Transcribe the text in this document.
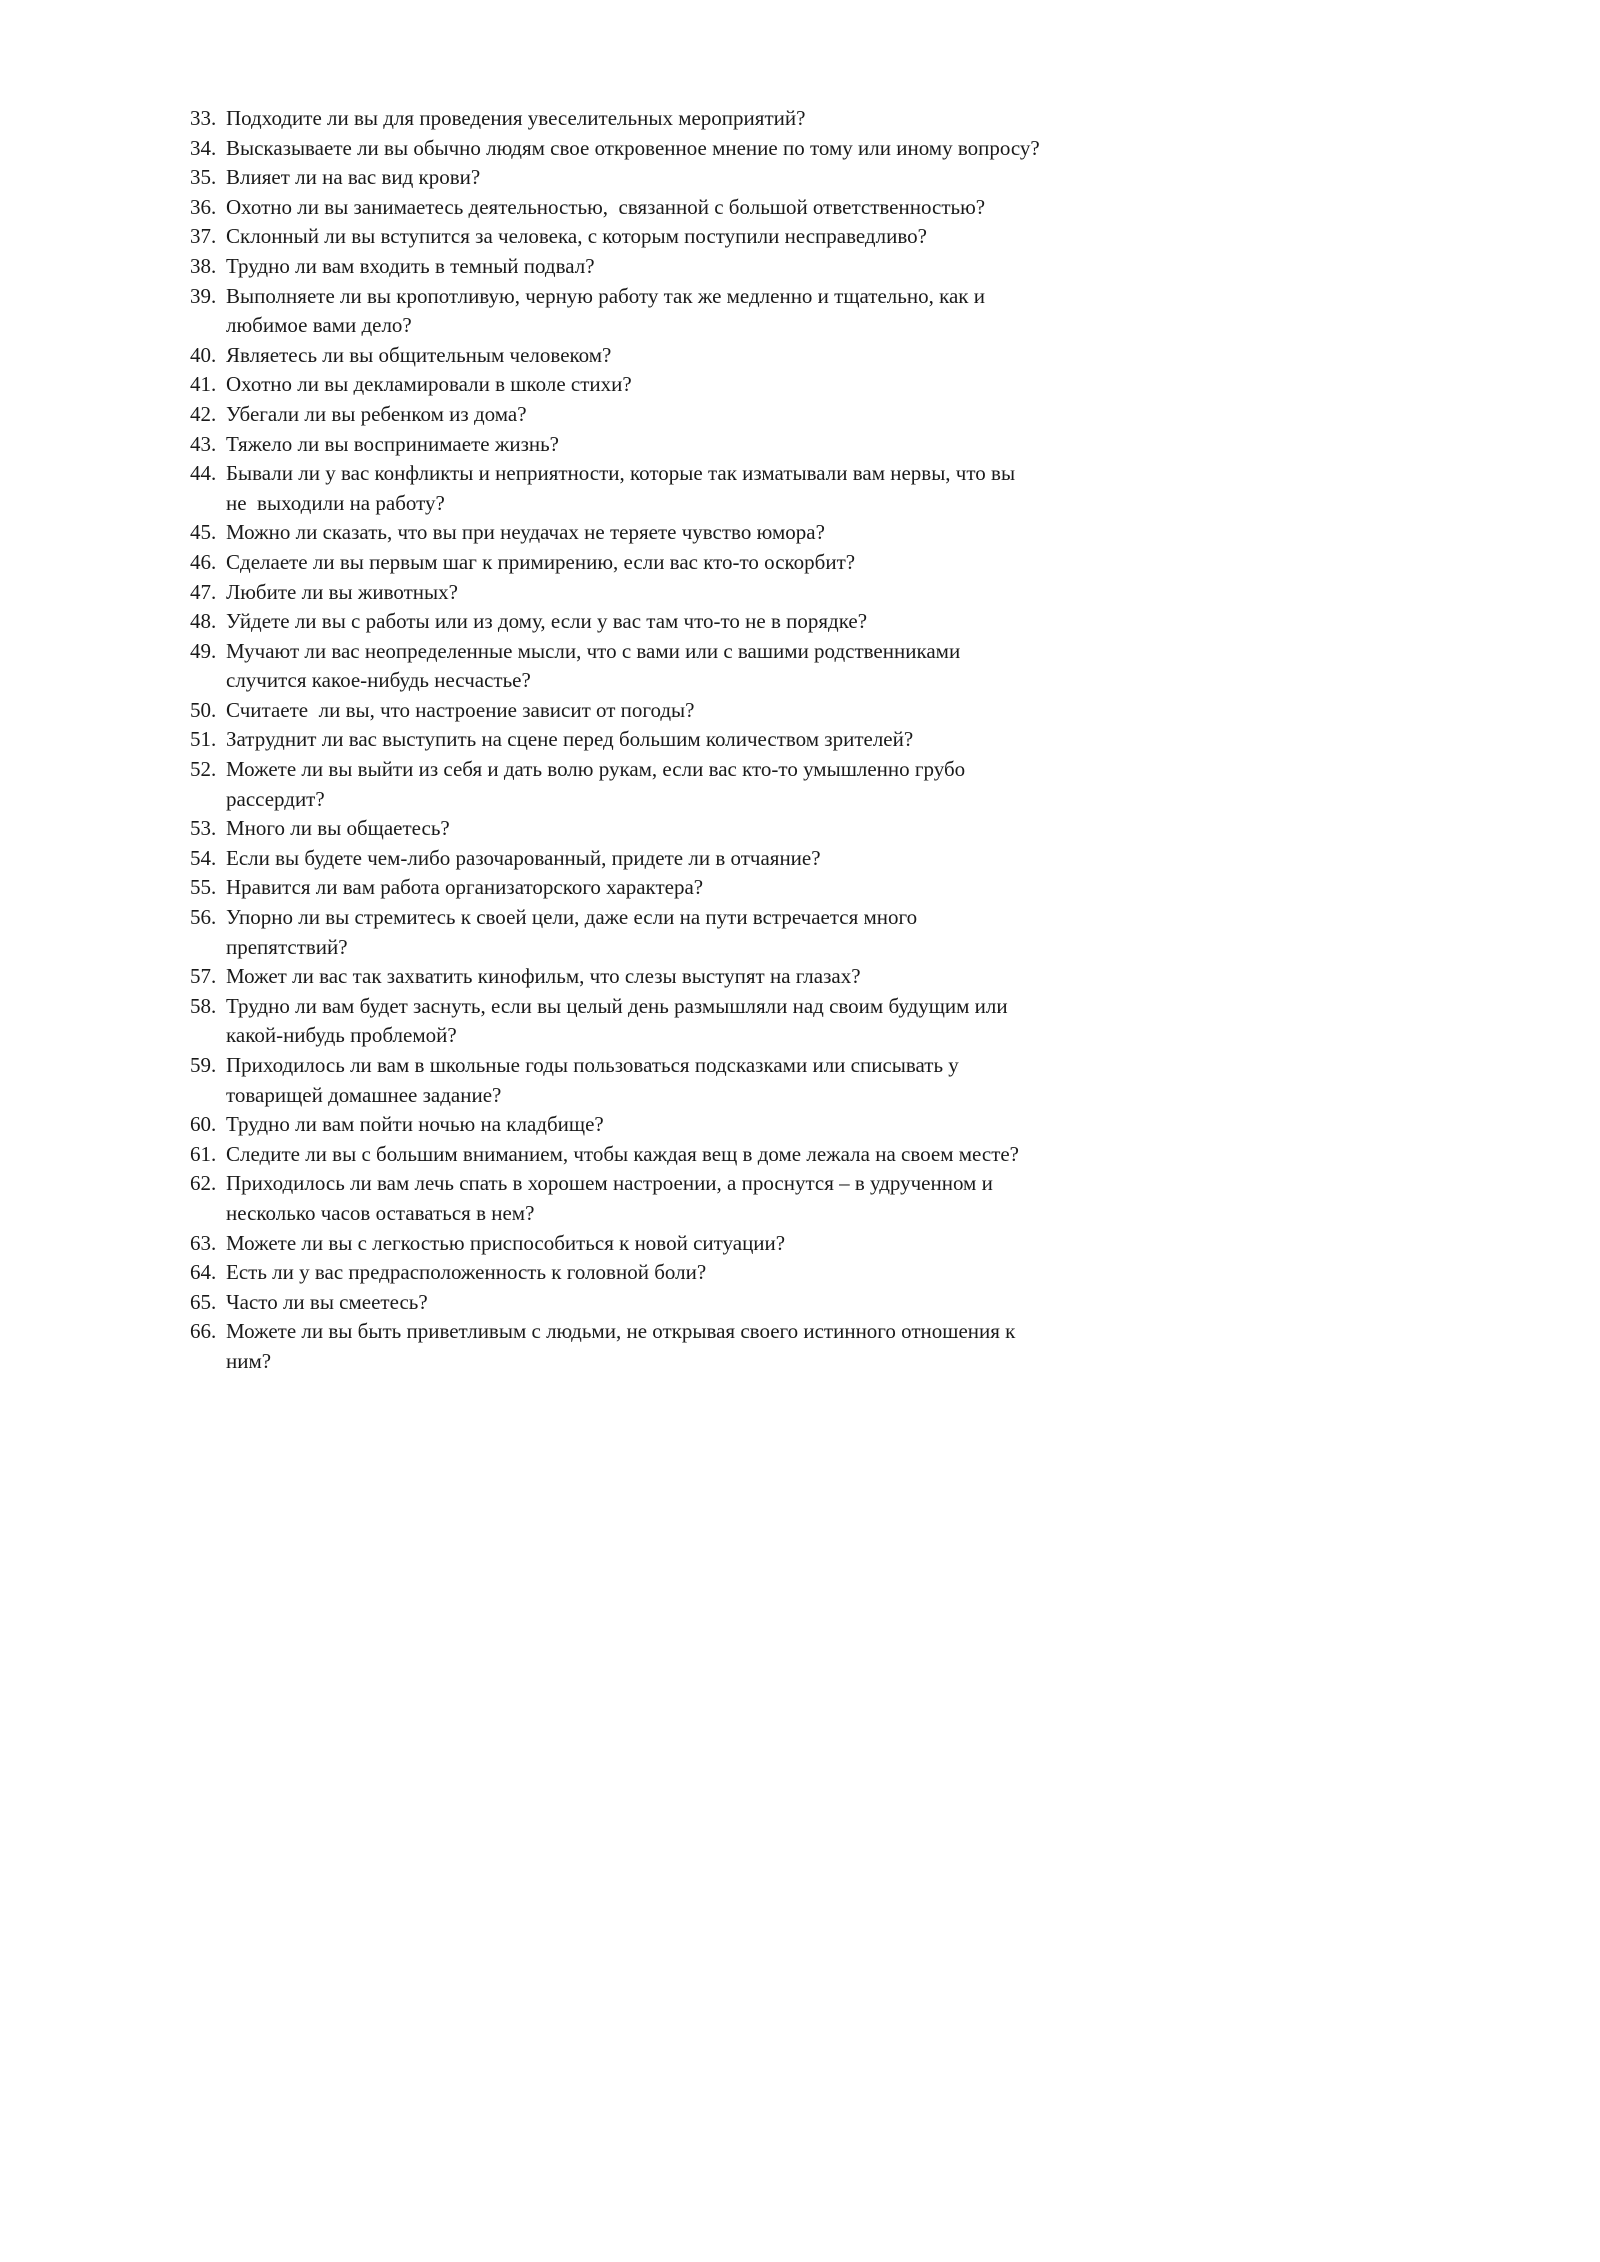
33. Подходите ли вы для проведения увеселительных мероприятий?
34. Высказываете ли вы обычно людям свое откровенное мнение по тому или иному вопросу?
35. Влияет ли на вас вид крови?
36. Охотно ли вы занимаетесь деятельностью,  связанной с большой ответственностью?
37. Склонный ли вы вступится за человека, с которым поступили несправедливо?
38. Трудно ли вам входить в темный подвал?
39. Выполняете ли вы кропотливую, черную работу так же медленно и тщательно, как и любимое вами дело?
40. Являетесь ли вы общительным человеком?
41. Охотно ли вы декламировали в школе стихи?
42. Убегали ли вы ребенком из дома?
43. Тяжело ли вы воспринимаете жизнь?
44. Бывали ли у вас конфликты и неприятности, которые так изматывали вам нервы, что вы не  выходили на работу?
45. Можно ли сказать, что вы при неудачах не теряете чувство юмора?
46. Сделаете ли вы первым шаг к примирению, если вас кто-то оскорбит?
47. Любите ли вы животных?
48. Уйдете ли вы с работы или из дому, если у вас там что-то не в порядке?
49. Мучают ли вас неопределенные мысли, что с вами или с вашими родственниками случится какое-нибудь несчастье?
50. Считаете  ли вы, что настроение зависит от погоды?
51. Затруднит ли вас выступить на сцене перед большим количеством зрителей?
52. Можете ли вы выйти из себя и дать волю рукам, если вас кто-то умышленно грубо рассердит?
53. Много ли вы общаетесь?
54. Если вы будете чем-либо разочарованный, придете ли в отчаяние?
55. Нравится ли вам работа организаторского характера?
56. Упорно ли вы стремитесь к своей цели, даже если на пути встречается много препятствий?
57. Может ли вас так захватить кинофильм, что слезы выступят на глазах?
58. Трудно ли вам будет заснуть, если вы целый день размышляли над своим будущим или какой-нибудь проблемой?
59. Приходилось ли вам в школьные годы пользоваться подсказками или списывать у товарищей домашнее задание?
60. Трудно ли вам пойти ночью на кладбище?
61. Следите ли вы с большим вниманием, чтобы каждая вещ в доме лежала на своем месте?
62. Приходилось ли вам лечь спать в хорошем настроении, а проснутся – в удрученном и несколько часов оставаться в нем?
63. Можете ли вы с легкостью приспособиться к новой ситуации?
64. Есть ли у вас предрасположенность к головной боли?
65. Часто ли вы смеетесь?
66. Можете ли вы быть приветливым с людьми, не открывая своего истинного отношения к ним?
